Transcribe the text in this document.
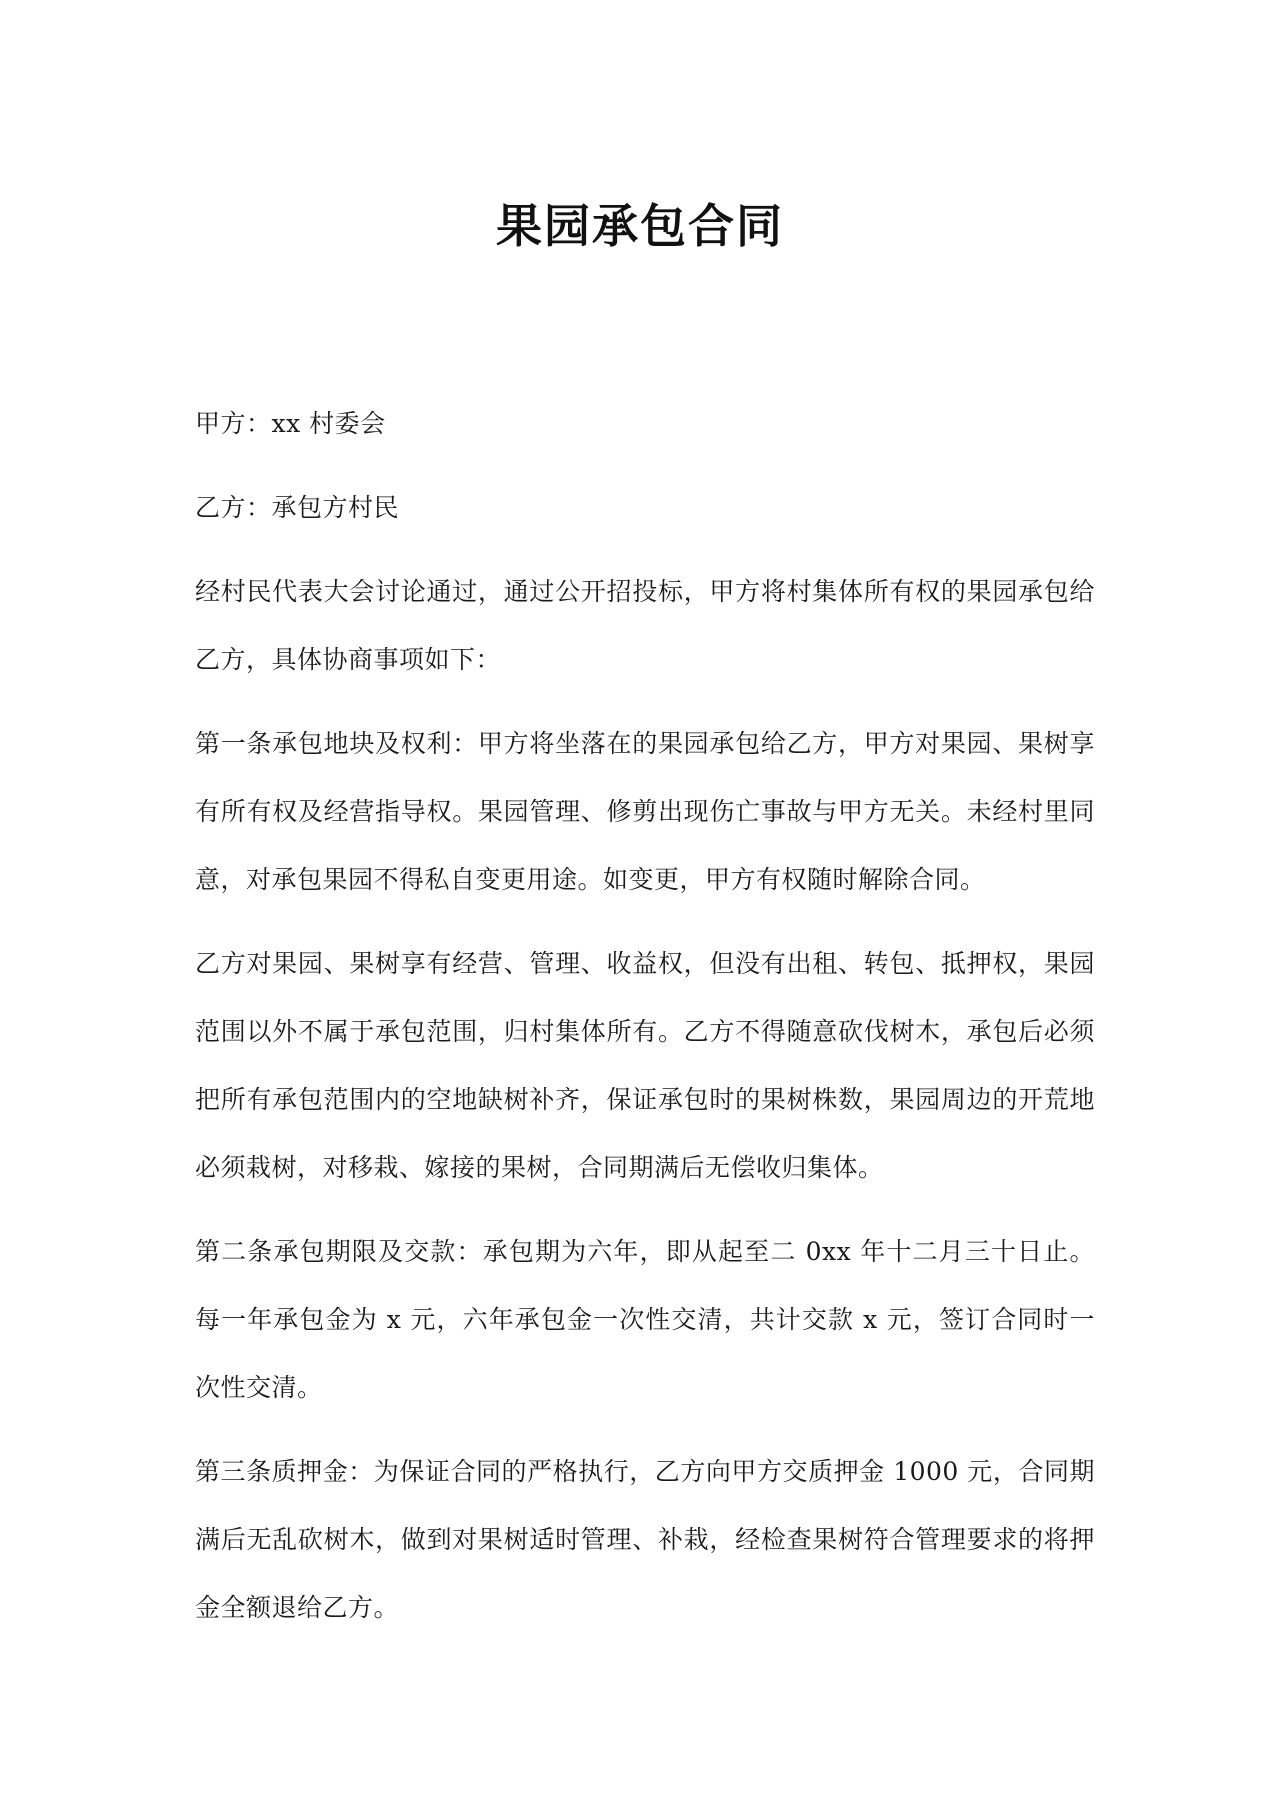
果园承包合同

甲方：xx 村委会

乙方：承包方村民

经村民代表大会讨论通过，通过公开招投标，甲方将村集体所有权的果园承包给乙方，具体协商事项如下：

第一条承包地块及权利：甲方将坐落在的果园承包给乙方，甲方对果园、果树享有所有权及经营指导权。果园管理、修剪出现伤亡事故与甲方无关。未经村里同意，对承包果园不得私自变更用途。如变更，甲方有权随时解除合同。

乙方对果园、果树享有经营、管理、收益权，但没有出租、转包、抵押权，果园范围以外不属于承包范围，归村集体所有。乙方不得随意砍伐树木，承包后必须把所有承包范围内的空地缺树补齐，保证承包时的果树株数，果园周边的开荒地必须栽树，对移栽、嫁接的果树，合同期满后无偿收归集体。

第二条承包期限及交款：承包期为六年，即从起至二 0xx 年十二月三十日止。每一年承包金为 x 元，六年承包金一次性交清，共计交款 x 元，签订合同时一次性交清。

第三条质押金：为保证合同的严格执行，乙方向甲方交质押金 1000 元，合同期满后无乱砍树木，做到对果树适时管理、补栽，经检查果树符合管理要求的将押金全额退给乙方。
